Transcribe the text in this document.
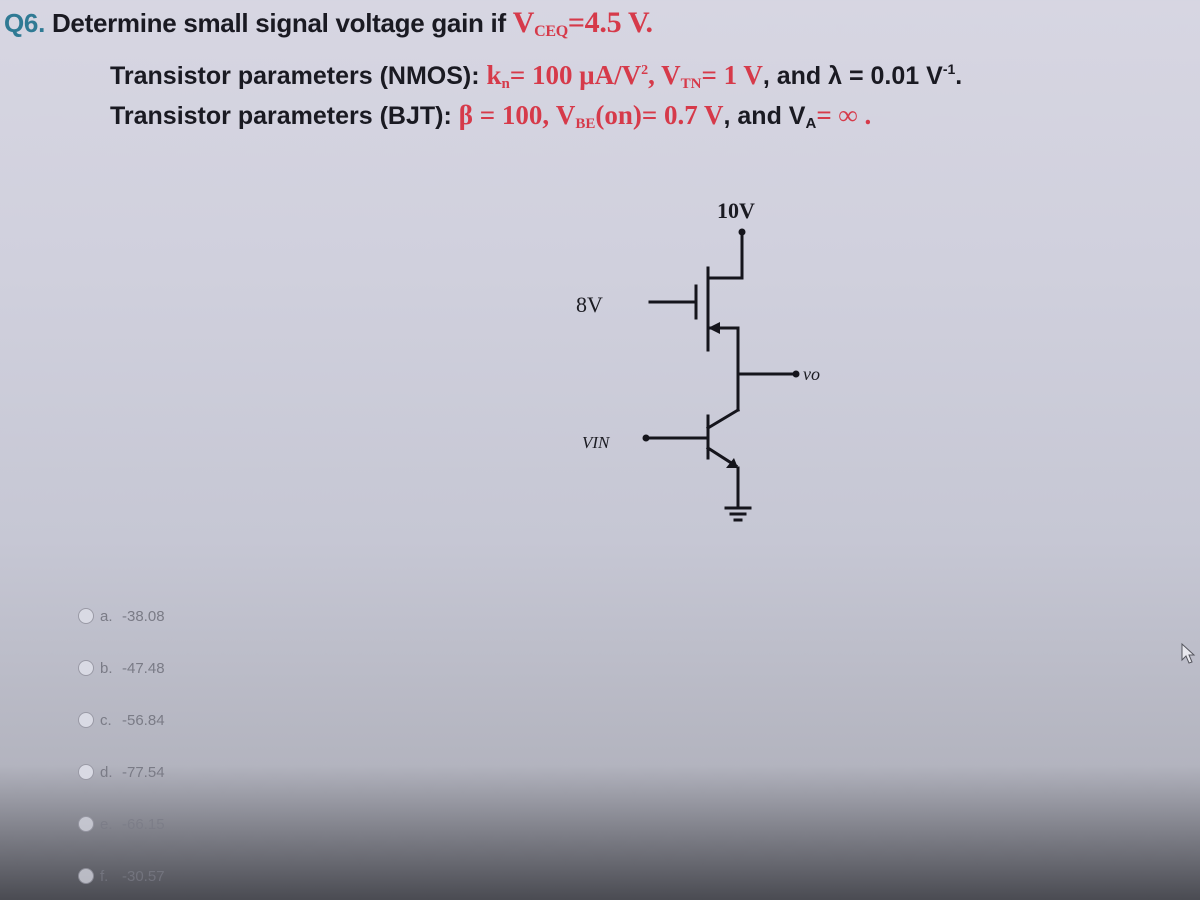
Q6. Determine small signal voltage gain if VCEQ=4.5 V.
Transistor parameters (NMOS): $k_n= 100$ $\mu A/V^2$, $V_{TN}= 1$ V, and λ = 0.01 $V^{-1}$.
Transistor parameters (BJT): β = 100, $V_{BE}(on)= 0.7$ V, and $V_A=$ ∞ .
10V
8V
vo
VIN
a. -38.08
b. -47.48
c. -56.84
d. -77.54
e. -66.15
f. -30.57
